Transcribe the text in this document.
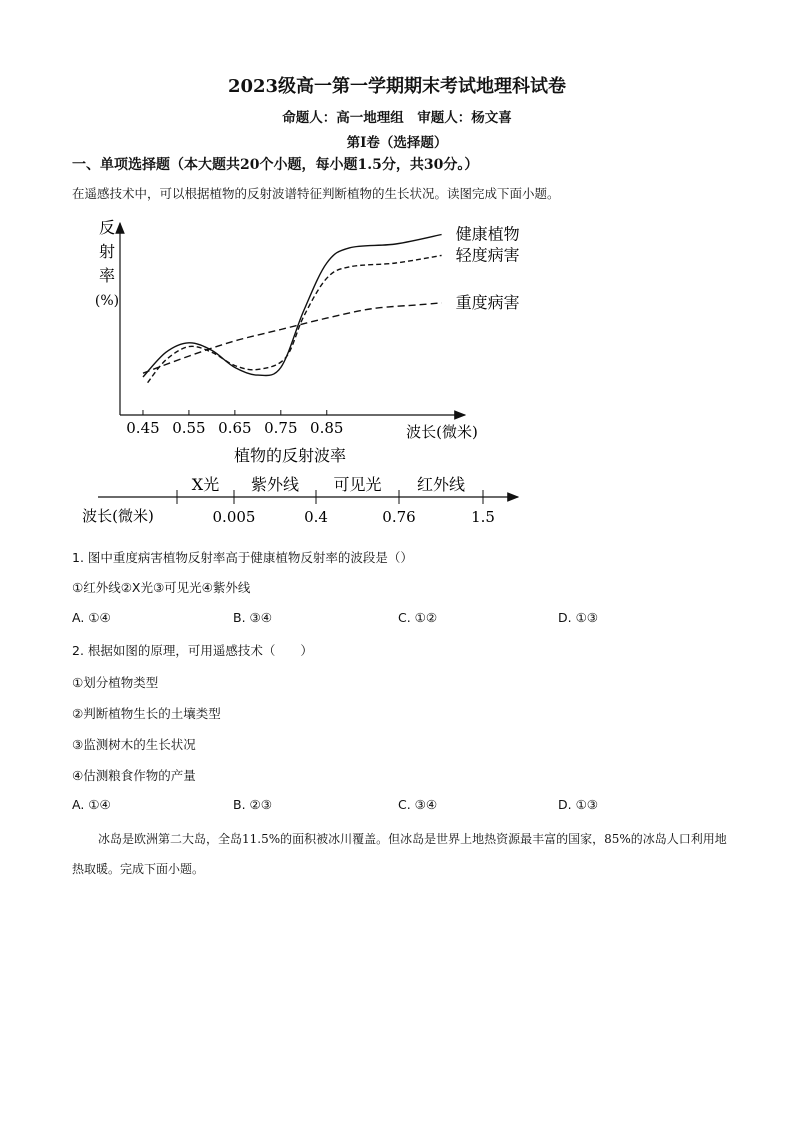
2023级高一第一学期期末考试地理科试卷
命题人：高一地理组　审题人：杨文喜
第Ⅰ卷（选择题）
一、单项选择题（本大题共20个小题，每小题1.5分，共30分。）
在遥感技术中，可以根据植物的反射波谱特征判断植物的生长状况。读图完成下面小题。
反
射
率
(%)
0.45 0.55 0.65 0.75 0.85
健康植物
轻度病害
重度病害
波长(微米)
植物的反射波率
X光 紫外线 可见光 红外线
0.005	0.4	0.76	1.5
波长(微米)
1. 图中重度病害植物反射率高于健康植物反射率的波段是（）
①红外线②X光③可见光④紫外线
A. ①④	B. ③④	C. ①②	D. ①③
2. 根据如图的原理，可用遥感技术（　　）
①划分植物类型
②判断植物生长的土壤类型
③监测树木的生长状况
④估测粮食作物的产量
A. ①④	B. ②③	C. ③④	D. ①③
冰岛是欧洲第二大岛，全岛11.5%的面积被冰川覆盖。但冰岛是世界上地热资源最丰富的国家，85%的冰岛人口利用地热取暖。完成下面小题。
